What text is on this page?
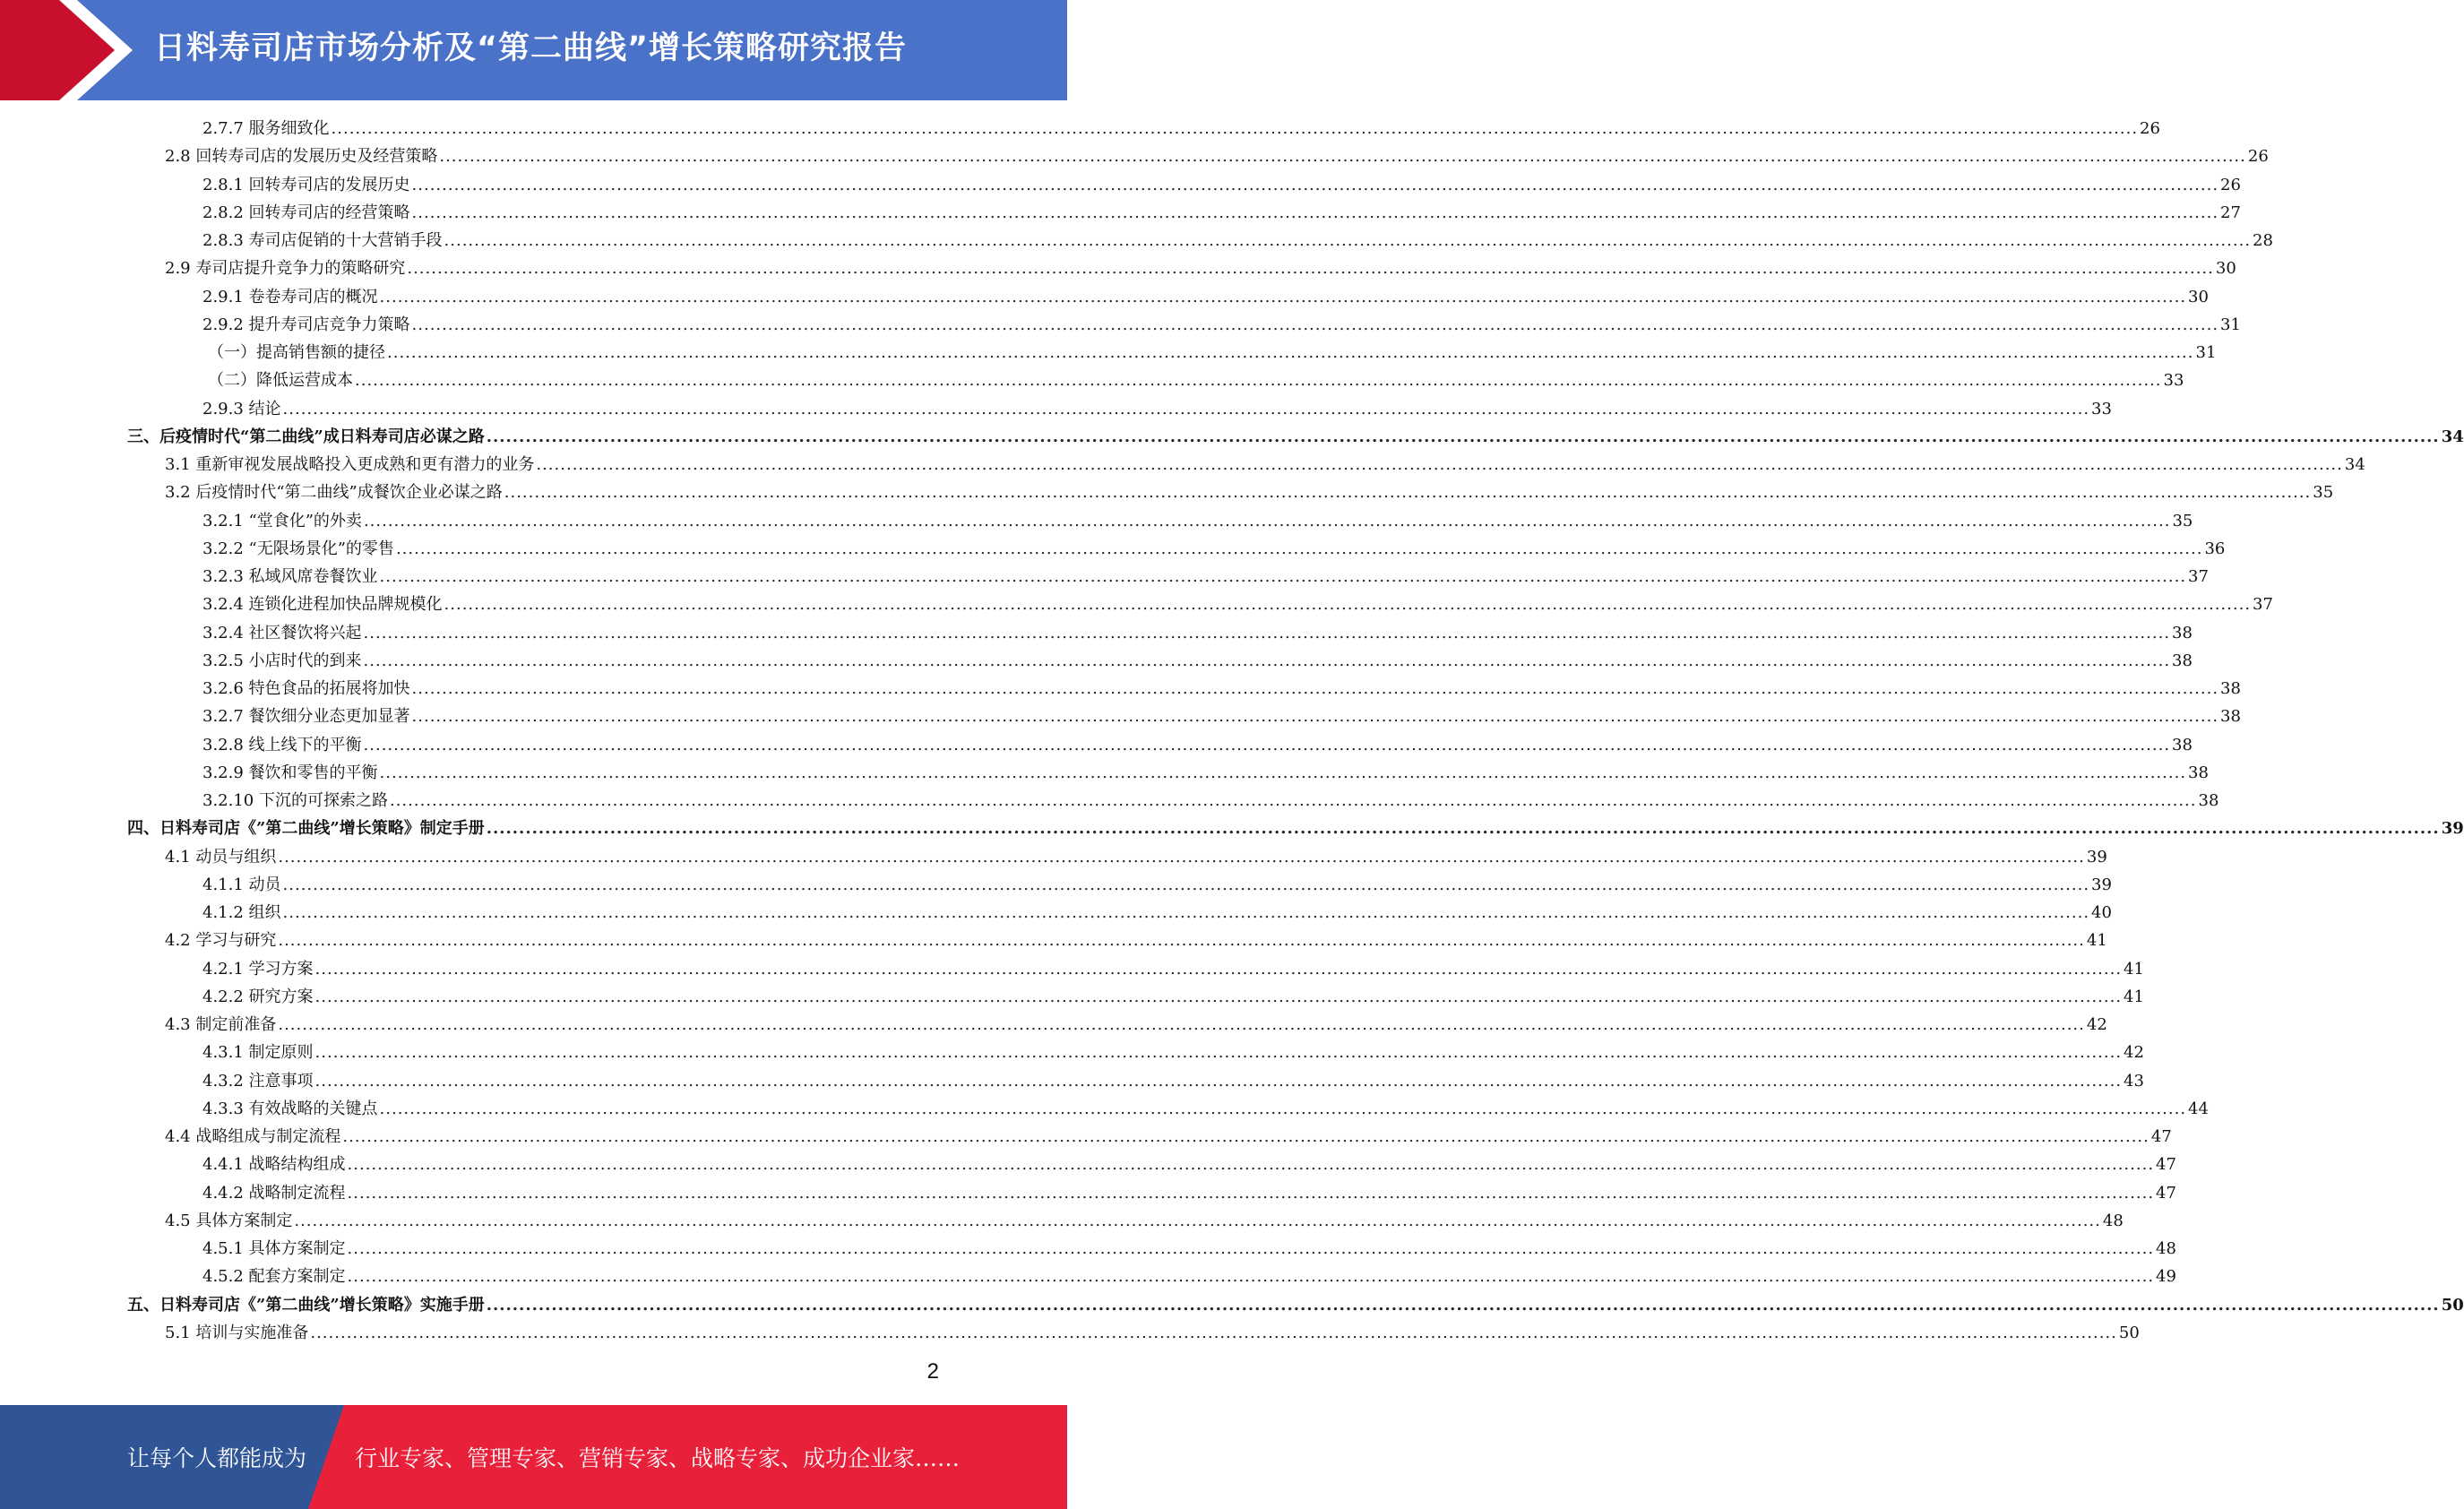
日料寿司店市场分析及“第二曲线”增长策略研究报告
2.7.7 服务细致化 ............................................................................................................................................................................................................................................................................................................ 26
2.8 回转寿司店的发展历史及经营策略 ............................................................................................................................................................................................................................................................................................................ 26
2.8.1 回转寿司店的发展历史 ............................................................................................................................................................................................................................................................................................................ 26
2.8.2 回转寿司店的经营策略 ............................................................................................................................................................................................................................................................................................................ 27
2.8.3 寿司店促销的十大营销手段 ............................................................................................................................................................................................................................................................................................................ 28
2.9 寿司店提升竞争力的策略研究 ............................................................................................................................................................................................................................................................................................................ 30
2.9.1 卷卷寿司店的概况 ............................................................................................................................................................................................................................................................................................................ 30
2.9.2 提升寿司店竞争力策略 ............................................................................................................................................................................................................................................................................................................ 31
（一）提高销售额的捷径 ............................................................................................................................................................................................................................................................................................................ 31
（二）降低运营成本 ............................................................................................................................................................................................................................................................................................................ 33
2.9.3 结论 ............................................................................................................................................................................................................................................................................................................ 33
三、后疫情时代“第二曲线”成日料寿司店必谋之路 ............................................................................................................................................................................................................................................................................................................ 34
3.1 重新审视发展战略投入更成熟和更有潜力的业务 ............................................................................................................................................................................................................................................................................................................ 34
3.2 后疫情时代“第二曲线”成餐饮企业必谋之路 ............................................................................................................................................................................................................................................................................................................ 35
3.2.1 “堂食化”的外卖 ............................................................................................................................................................................................................................................................................................................ 35
3.2.2 “无限场景化”的零售 ............................................................................................................................................................................................................................................................................................................ 36
3.2.3 私域风席卷餐饮业 ............................................................................................................................................................................................................................................................................................................ 37
3.2.4 连锁化进程加快品牌规模化 ............................................................................................................................................................................................................................................................................................................ 37
3.2.4 社区餐饮将兴起 ............................................................................................................................................................................................................................................................................................................ 38
3.2.5 小店时代的到来 ............................................................................................................................................................................................................................................................................................................ 38
3.2.6 特色食品的拓展将加快 ............................................................................................................................................................................................................................................................................................................ 38
3.2.7 餐饮细分业态更加显著 ............................................................................................................................................................................................................................................................................................................ 38
3.2.8 线上线下的平衡 ............................................................................................................................................................................................................................................................................................................ 38
3.2.9 餐饮和零售的平衡 ............................................................................................................................................................................................................................................................................................................ 38
3.2.10 下沉的可探索之路 ............................................................................................................................................................................................................................................................................................................ 38
四、日料寿司店《”第二曲线”增长策略》制定手册 ............................................................................................................................................................................................................................................................................................................ 39
4.1 动员与组织 ............................................................................................................................................................................................................................................................................................................ 39
4.1.1 动员 ............................................................................................................................................................................................................................................................................................................ 39
4.1.2 组织 ............................................................................................................................................................................................................................................................................................................ 40
4.2 学习与研究 ............................................................................................................................................................................................................................................................................................................ 41
4.2.1 学习方案 ............................................................................................................................................................................................................................................................................................................ 41
4.2.2 研究方案 ............................................................................................................................................................................................................................................................................................................ 41
4.3 制定前准备 ............................................................................................................................................................................................................................................................................................................ 42
4.3.1 制定原则 ............................................................................................................................................................................................................................................................................................................ 42
4.3.2 注意事项 ............................................................................................................................................................................................................................................................................................................ 43
4.3.3 有效战略的关键点 ............................................................................................................................................................................................................................................................................................................ 44
4.4 战略组成与制定流程 ............................................................................................................................................................................................................................................................................................................ 47
4.4.1 战略结构组成 ............................................................................................................................................................................................................................................................................................................ 47
4.4.2 战略制定流程 ............................................................................................................................................................................................................................................................................................................ 47
4.5 具体方案制定 ............................................................................................................................................................................................................................................................................................................ 48
4.5.1 具体方案制定 ............................................................................................................................................................................................................................................................................................................ 48
4.5.2 配套方案制定 ............................................................................................................................................................................................................................................................................................................ 49
五、日料寿司店《”第二曲线”增长策略》实施手册 ............................................................................................................................................................................................................................................................................................................ 50
5.1 培训与实施准备 ............................................................................................................................................................................................................................................................................................................ 50
2
让每个人都能成为 行业专家、管理专家、营销专家、战略专家、成功企业家……
